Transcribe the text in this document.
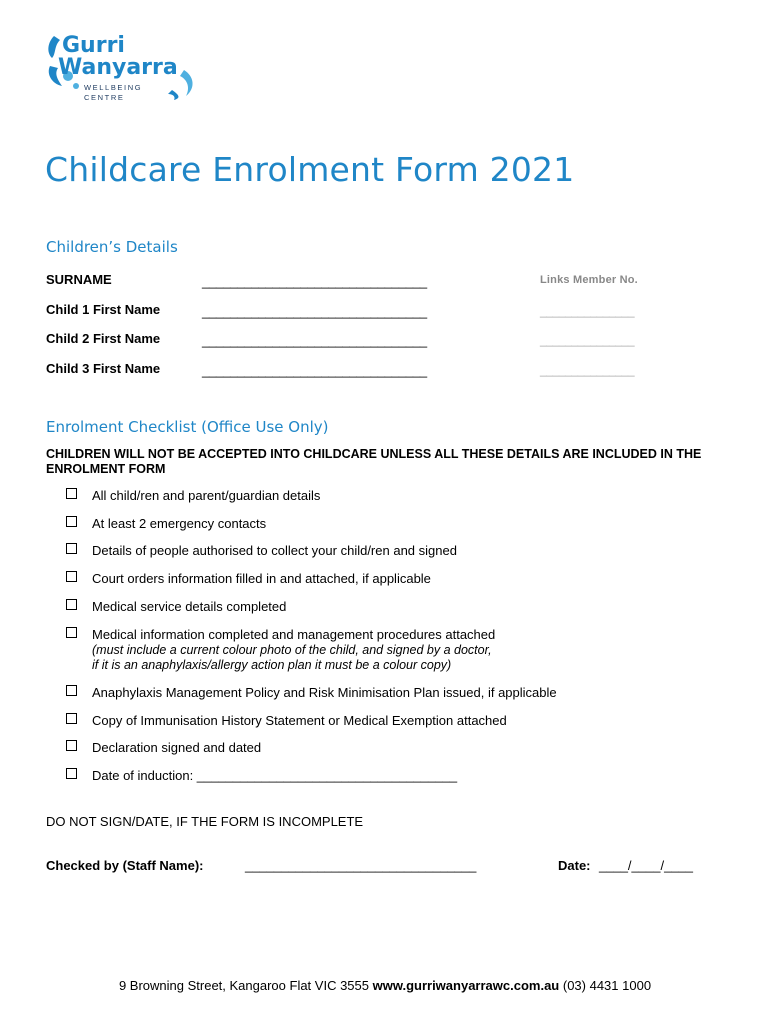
Gurri
Wanyarra
WELLBEING
CENTRE
Childcare Enrolment Form 2021
Children’s Details
SURNAME	________________________________	Links Member No.
Child 1 First Name	________________________________	_______________
Child 2 First Name	________________________________	_______________
Child 3 First Name	________________________________	_______________
Enrolment Checklist (Office Use Only)
CHILDREN WILL NOT BE ACCEPTED INTO CHILDCARE UNLESS ALL THESE DETAILS ARE INCLUDED IN THE ENROLMENT FORM
All child/ren and parent/guardian details
At least 2 emergency contacts
Details of people authorised to collect your child/ren and signed
Court orders information filled in and attached, if applicable
Medical service details completed
Medical information completed and management procedures attached
(must include a current colour photo of the child, and signed by a doctor,
if it is an anaphylaxis/allergy action plan it must be a colour copy)
Anaphylaxis Management Policy and Risk Minimisation Plan issued, if applicable
Copy of Immunisation History Statement or Medical Exemption attached
Declaration signed and dated
Date of induction: ____________________________________
DO NOT SIGN/DATE, IF THE FORM IS INCOMPLETE
Checked by (Staff Name):	________________________________	Date: ____/____/____
9 Browning Street, Kangaroo Flat VIC 3555 www.gurriwanyarrawc.com.au (03) 4431 1000
